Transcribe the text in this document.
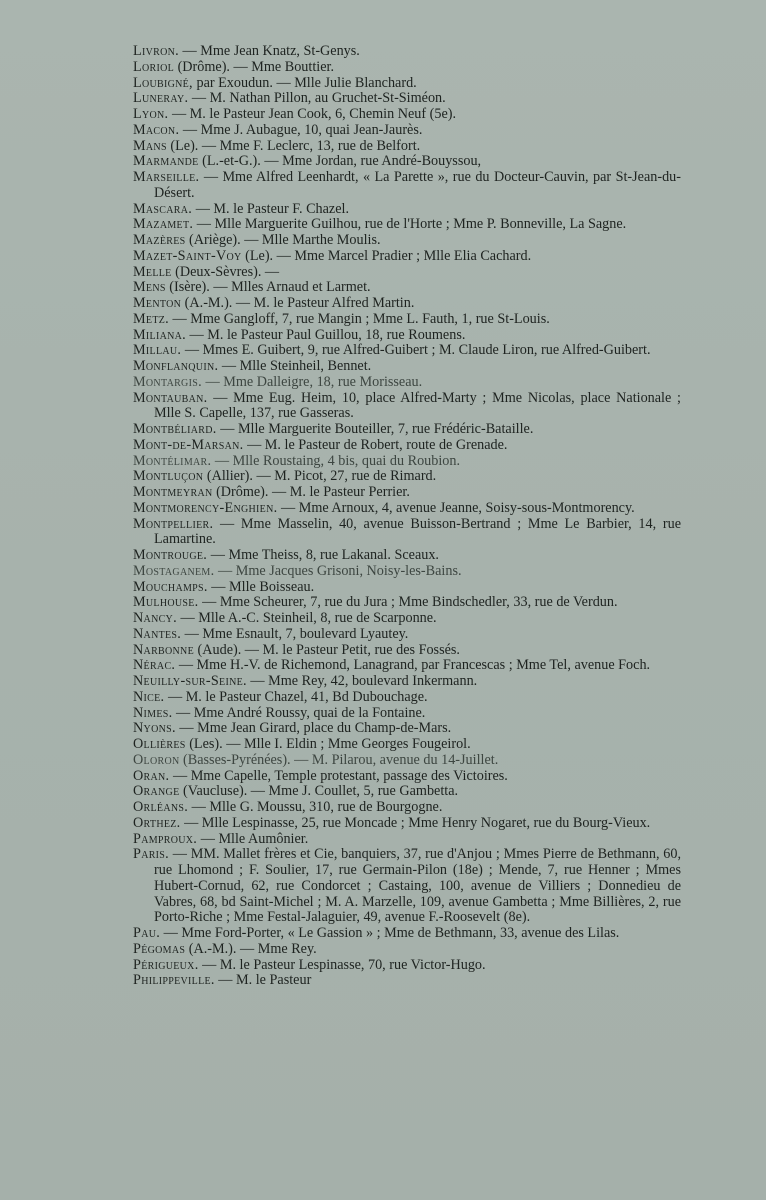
Livron. — Mme Jean Knatz, St-Genys.

Loriol (Drôme). — Mme Bouttier.

Loubigné, par Exoudun. — Mlle Julie Blanchard.

Luneray. — M. Nathan Pillon, au Gruchet-St-Siméon.

Lyon. — M. le Pasteur Jean Cook, 6, Chemin Neuf (5e).

Macon. — Mme J. Aubague, 10, quai Jean-Jaurès.

Mans (Le). — Mme F. Leclerc, 13, rue de Belfort.

Marmande (L.-et-G.). — Mme Jordan, rue André-Bouyssou,

Marseille. — Mme Alfred Leenhardt, « La Parette », rue du Docteur-Cauvin, par St-Jean-du-Désert.

Mascara. — M. le Pasteur F. Chazel.

Mazamet. — Mlle Marguerite Guilhou, rue de l'Horte ; Mme P. Bonneville, La Sagne.

Mazères (Ariège). — Mlle Marthe Moulis.

Mazet-Saint-Voy (Le). — Mme Marcel Pradier ; Mlle Elia Cachard.

Melle (Deux-Sèvres). —

Mens (Isère). — Mlles Arnaud et Larmet.

Menton (A.-M.). — M. le Pasteur Alfred Martin.

Metz. — Mme Gangloff, 7, rue Mangin ; Mme L. Fauth, 1, rue St-Louis.

Miliana. — M. le Pasteur Paul Guillou, 18, rue Roumens.

Millau. — Mmes E. Guibert, 9, rue Alfred-Guibert ; M. Claude Liron, rue Alfred-Guibert.

Monflanquin. — Mlle Steinheil, Bennet.

Montargis. — Mme Dalleigre, 18, rue Morisseau.

Montauban. — Mme Eug. Heim, 10, place Alfred-Marty ; Mme Nicolas, place Nationale ; Mlle S. Capelle, 137, rue Gasseras.

Montbéliard. — Mlle Marguerite Bouteiller, 7, rue Frédéric-Bataille.

Mont-de-Marsan. — M. le Pasteur de Robert, route de Grenade.

Montélimar. — Mlle Roustaing, 4 bis, quai du Roubion.

Montluçon (Allier). — M. Picot, 27, rue de Rimard.

Montmeyran (Drôme). — M. le Pasteur Perrier.

Montmorency-Enghien. — Mme Arnoux, 4, avenue Jeanne, Soisy-sous-Montmorency.

Montpellier. — Mme Masselin, 40, avenue Buisson-Bertrand ; Mme Le Barbier, 14, rue Lamartine.

Montrouge. — Mme Theiss, 8, rue Lakanal. Sceaux.

Mostaganem. — Mme Jacques Grisoni, Noisy-les-Bains.

Mouchamps. — Mlle Boisseau.

Mulhouse. — Mme Scheurer, 7, rue du Jura ; Mme Bindschedler, 33, rue de Verdun.

Nancy. — Mlle A.-C. Steinheil, 8, rue de Scarponne.

Nantes. — Mme Esnault, 7, boulevard Lyautey.

Narbonne (Aude). — M. le Pasteur Petit, rue des Fossés.

Nérac. — Mme H.-V. de Richemond, Lanagrand, par Francescas ; Mme Tel, avenue Foch.

Neuilly-sur-Seine. — Mme Rey, 42, boulevard Inkermann.

Nice. — M. le Pasteur Chazel, 41, Bd Dubouchage.

Nimes. — Mme André Roussy, quai de la Fontaine.

Nyons. — Mme Jean Girard, place du Champ-de-Mars.

Ollières (Les). — Mlle I. Eldin ; Mme Georges Fougeirol.

Oloron (Basses-Pyrénées). — M. Pilarou, avenue du 14-Juillet.

Oran. — Mme Capelle, Temple protestant, passage des Victoires.

Orange (Vaucluse). — Mme J. Coullet, 5, rue Gambetta.

Orléans. — Mlle G. Moussu, 310, rue de Bourgogne.

Orthez. — Mlle Lespinasse, 25, rue Moncade ; Mme Henry Nogaret, rue du Bourg-Vieux.

Pamproux. — Mlle Aumônier.

Paris. — MM. Mallet frères et Cie, banquiers, 37, rue d'Anjou ; Mmes Pierre de Bethmann, 60, rue Lhomond ; F. Soulier, 17, rue Germain-Pilon (18e) ; Mende, 7, rue Henner ; Mmes Hubert-Cornud, 62, rue Condorcet ; Castaing, 100, avenue de Villiers ; Donnedieu de Vabres, 68, bd Saint-Michel ; M. A. Marzelle, 109, avenue Gambetta ; Mme Billières, 2, rue Porto-Riche ; Mme Festal-Jalaguier, 49, avenue F.-Roosevelt (8e).

Pau. — Mme Ford-Porter, « Le Gassion » ; Mme de Bethmann, 33, avenue des Lilas.

Pégomas (A.-M.). — Mme Rey.

Périgueux. — M. le Pasteur Lespinasse, 70, rue Victor-Hugo.

Philippeville. — M. le Pasteur
